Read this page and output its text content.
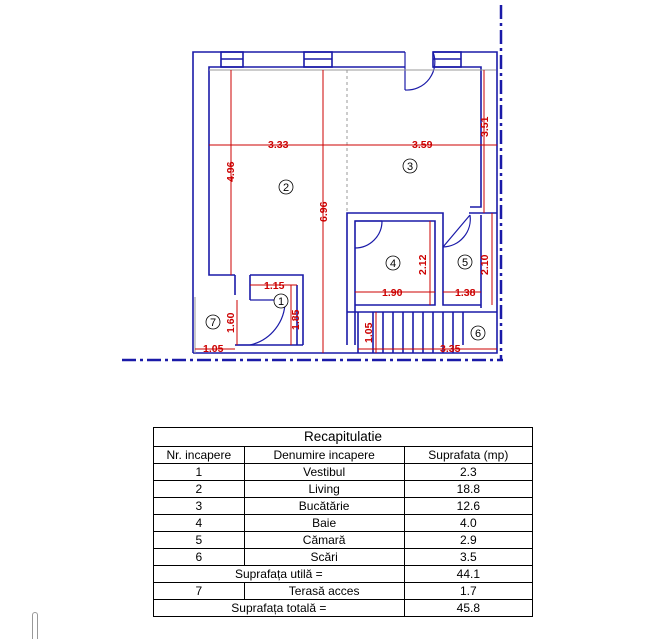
3.33	3.59
4.96
6.96
3.51
2.12	2.10
1.90	1.38
1.15
1.85
1.60
1.05
1.05
3.35
1
2
3
4	5
6
7
Recapitulatie		
Nr. incapere	Denumire incapere	Suprafata (mp)
1	Vestibul	2.3
2	Living	18.8
3	Bucătărie	12.6
4	Baie	4.0
5	Cămară	2.9
6	Scări	3.5
Suprafața utilă =		44.1
7	Terasă acces	1.7
Suprafața totală =		45.8
